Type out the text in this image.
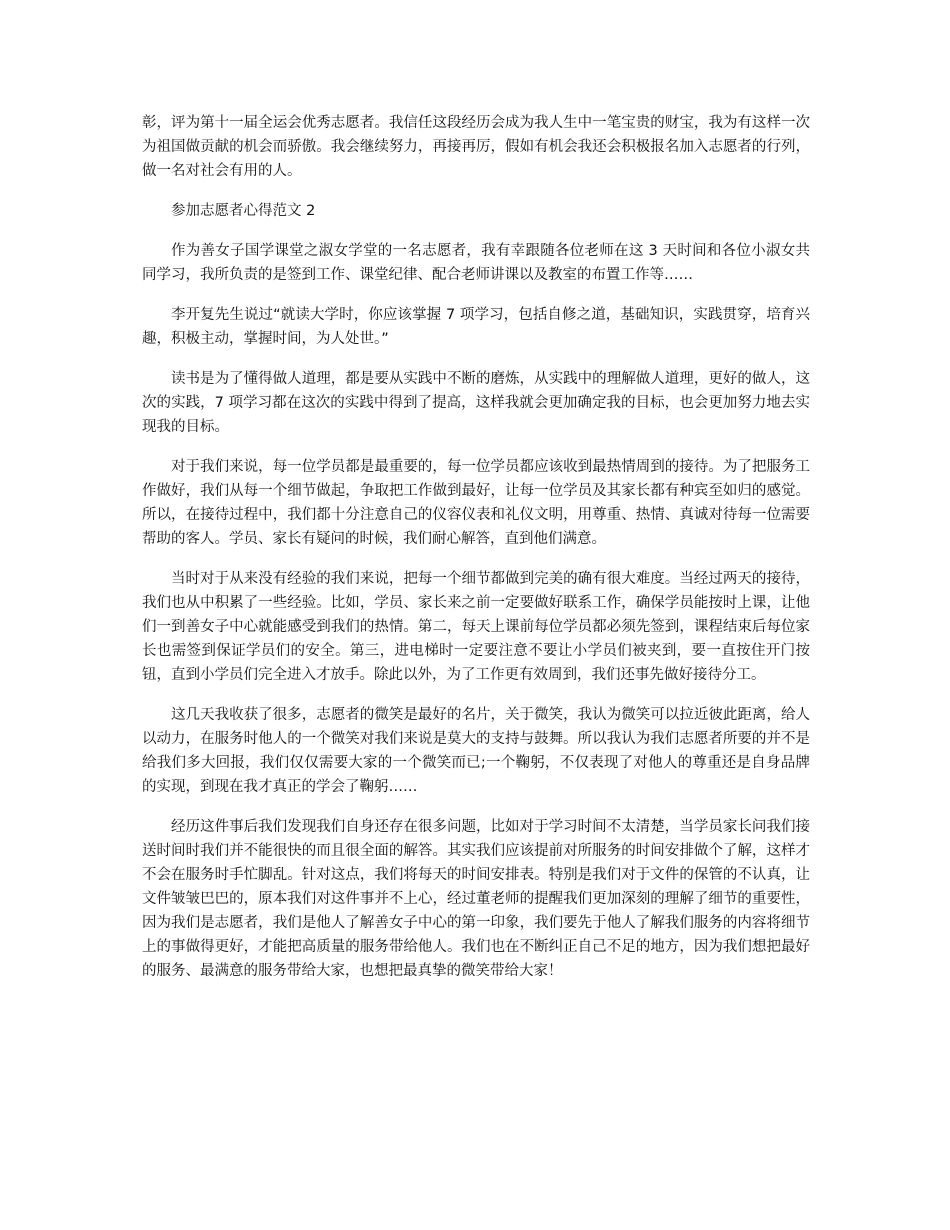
彰，评为第十一届全运会优秀志愿者。我信任这段经历会成为我人生中一笔宝贵的财宝，我为有这样一次为祖国做贡献的机会而骄傲。我会继续努力，再接再厉，假如有机会我还会积极报名加入志愿者的行列，做一名对社会有用的人。

参加志愿者心得范文 2

作为善女子国学课堂之淑女学堂的一名志愿者，我有幸跟随各位老师在这 3 天时间和各位小淑女共同学习，我所负责的是签到工作、课堂纪律、配合老师讲课以及教室的布置工作等……

李开复先生说过“就读大学时，你应该掌握 7 项学习，包括自修之道，基础知识，实践贯穿，培育兴趣，积极主动，掌握时间，为人处世。”

读书是为了懂得做人道理，都是要从实践中不断的磨炼，从实践中的理解做人道理，更好的做人，这次的实践，7 项学习都在这次的实践中得到了提高，这样我就会更加确定我的目标，也会更加努力地去实现我的目标。

对于我们来说，每一位学员都是最重要的，每一位学员都应该收到最热情周到的接待。为了把服务工作做好，我们从每一个细节做起，争取把工作做到最好，让每一位学员及其家长都有种宾至如归的感觉。所以，在接待过程中，我们都十分注意自己的仪容仪表和礼仪文明，用尊重、热情、真诚对待每一位需要帮助的客人。学员、家长有疑问的时候，我们耐心解答，直到他们满意。

当时对于从来没有经验的我们来说，把每一个细节都做到完美的确有很大难度。当经过两天的接待，我们也从中积累了一些经验。比如，学员、家长来之前一定要做好联系工作，确保学员能按时上课，让他们一到善女子中心就能感受到我们的热情。第二，每天上课前每位学员都必须先签到，课程结束后每位家长也需签到保证学员们的安全。第三，进电梯时一定要注意不要让小学员们被夹到，要一直按住开门按钮，直到小学员们完全进入才放手。除此以外，为了工作更有效周到，我们还事先做好接待分工。

这几天我收获了很多，志愿者的微笑是最好的名片，关于微笑，我认为微笑可以拉近彼此距离，给人以动力，在服务时他人的一个微笑对我们来说是莫大的支持与鼓舞。所以我认为我们志愿者所要的并不是给我们多大回报，我们仅仅需要大家的一个微笑而已;一个鞠躬，不仅表现了对他人的尊重还是自身品牌的实现，到现在我才真正的学会了鞠躬……

经历这件事后我们发现我们自身还存在很多问题，比如对于学习时间不太清楚，当学员家长问我们接送时间时我们并不能很快的而且很全面的解答。其实我们应该提前对所服务的时间安排做个了解，这样才不会在服务时手忙脚乱。针对这点，我们将每天的时间安排表。特别是我们对于文件的保管的不认真，让文件皱皱巴巴的，原本我们对这件事并不上心，经过董老师的提醒我们更加深刻的理解了细节的重要性，因为我们是志愿者，我们是他人了解善女子中心的第一印象，我们要先于他人了解我们服务的内容将细节上的事做得更好，才能把高质量的服务带给他人。我们也在不断纠正自己不足的地方，因为我们想把最好的服务、最满意的服务带给大家，也想把最真挚的微笑带给大家！
